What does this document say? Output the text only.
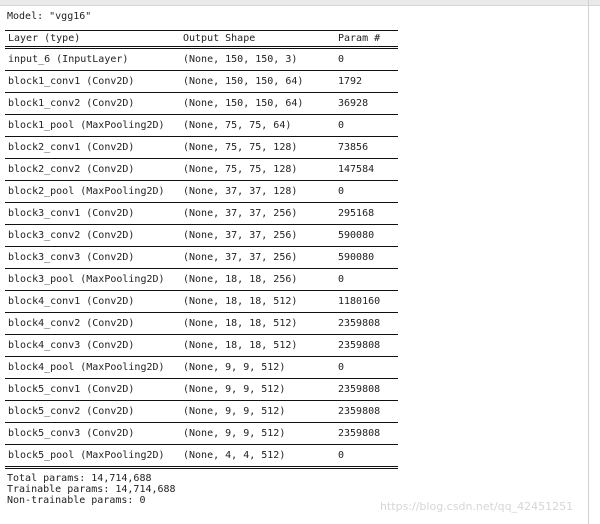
Model: "vgg16"
Layer (type)	Output Shape	Param #
input_6 (InputLayer)	(None, 150, 150, 3)	0
block1_conv1 (Conv2D)	(None, 150, 150, 64)	1792
block1_conv2 (Conv2D)	(None, 150, 150, 64)	36928
block1_pool (MaxPooling2D) (None, 75, 75, 64)	0
block2_conv1 (Conv2D)	(None, 75, 75, 128)	73856
block2_conv2 (Conv2D)	(None, 75, 75, 128)	147584
block2_pool (MaxPooling2D) (None, 37, 37, 128)	0
block3_conv1 (Conv2D)	(None, 37, 37, 256)	295168
block3_conv2 (Conv2D)	(None, 37, 37, 256)	590080
block3_conv3 (Conv2D)	(None, 37, 37, 256)	590080
block3_pool (MaxPooling2D) (None, 18, 18, 256)	0
block4_conv1 (Conv2D)	(None, 18, 18, 512)	1180160
block4_conv2 (Conv2D)	(None, 18, 18, 512)	2359808
block4_conv3 (Conv2D)	(None, 18, 18, 512)	2359808
block4_pool (MaxPooling2D) (None, 9, 9, 512)	0
block5_conv1 (Conv2D)	(None, 9, 9, 512)	2359808
block5_conv2 (Conv2D)	(None, 9, 9, 512)	2359808
block5_conv3 (Conv2D)	(None, 9, 9, 512)	2359808
block5_pool (MaxPooling2D) (None, 4, 4, 512)	0
Total params: 14,714,688
Trainable params: 14,714,688
Non-trainable params: 0	https://blog.csdn.net/qq_42451251
